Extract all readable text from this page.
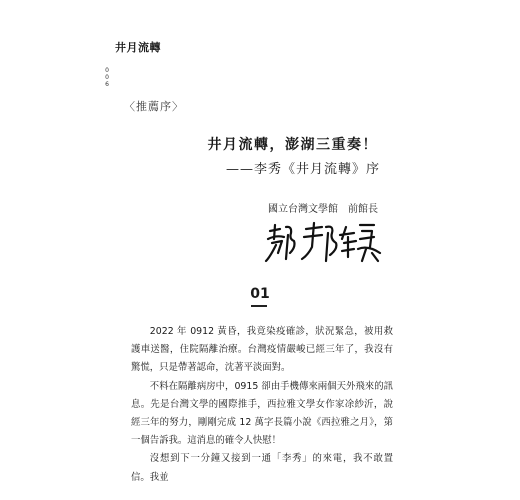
井月流轉
006
〈推薦序〉
井月流轉，澎湖三重奏！
——李秀《井月流轉》序
國立台灣文學館　前館長
01

2022 年 0912 黃昏，我竟染疫確診，狀況緊急，被用救護車送醫，住院隔離治療。台灣疫情嚴峻已經三年了，我沒有驚慌，只是帶著認命，沈著平淡面對。

不料在隔離病房中，0915 卻由手機傳來兩個天外飛來的訊息。先是台灣文學的國際推手，西拉雅文學女作家凃紗沂，說經三年的努力，剛剛完成 12 萬字長篇小說《西拉雅之月》，第一個告訴我。這消息的確令人快慰！

沒想到下一分鐘又接到一通「李秀」的來電，我不敢置信。我並
